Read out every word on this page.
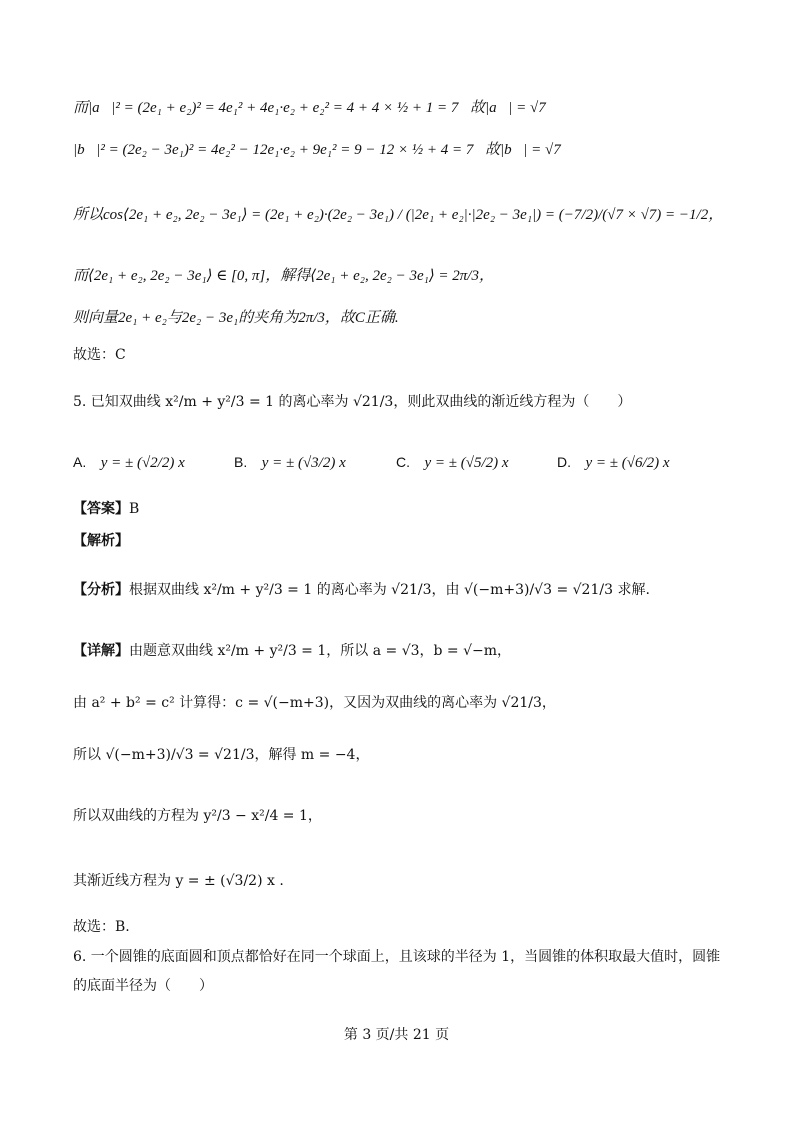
而|a⃗|² = (2e₁ + e₂)² = 4e₁² + 4e₁·e₂ + e₂² = 4 + 4 × ½ + 1 = 7，故|a⃗| = √7，
|b⃗|² = (2e₂ − 3e₁)² = 4e₂² − 12e₁·e₂ + 9e₁² = 9 − 12 × ½ + 4 = 7，故|b⃗| = √7，
所以cos⟨2e₁ + e₂, 2e₂ − 3e₁⟩ = (2e₁ + e₂)·(2e₂ − 3e₁) / (|2e₁ + e₂|·|2e₂ − 3e₁|) = (−7/2)/(√7 × √7) = −1/2，
而⟨2e₁ + e₂, 2e₂ − 3e₁⟩ ∈ [0, π]，解得⟨2e₁ + e₂, 2e₂ − 3e₁⟩ = 2π/3，
则向量2e₁ + e₂与2e₂ − 3e₁的夹角为2π/3，故C正确.
故选：C
5. 已知双曲线 x²/m + y²/3 = 1 的离心率为 √21/3，则此双曲线的渐近线方程为（　　）
A. y = ± (√2/2) x	B. y = ± (√3/2) x	C. y = ± (√5/2) x	D. y = ± (√6/2) x
【答案】B
【解析】
【分析】根据双曲线 x²/m + y²/3 = 1 的离心率为 √21/3，由 √(−m+3)/√3 = √21/3 求解.
【详解】由题意双曲线 x²/m + y²/3 = 1，所以 a = √3，b = √−m，
由 a² + b² = c² 计算得：c = √(−m+3)，又因为双曲线的离心率为 √21/3，
所以 √(−m+3)/√3 = √21/3，解得 m = −4，
所以双曲线的方程为 y²/3 − x²/4 = 1，
其渐近线方程为 y = ± (√3/2) x .
故选：B.
6. 一个圆锥的底面圆和顶点都恰好在同一个球面上，且该球的半径为 1，当圆锥的体积取最大值时，圆锥
的底面半径为（　　）
第 3 页/共 21 页
